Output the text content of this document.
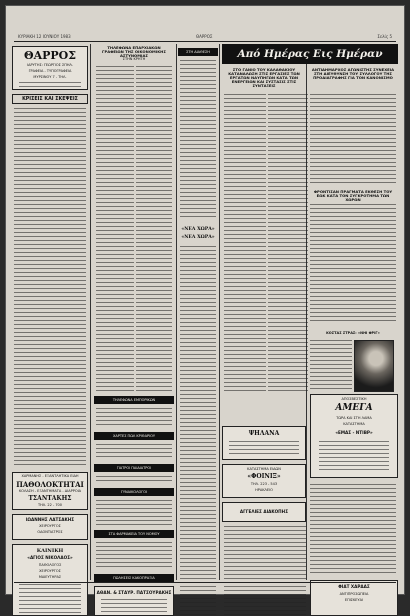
ΚΥΡΙΑΚΗ 12 ΙΟΥΝΙΟΥ 1983	ΘΑΡΡΟΣ	Σελίς 5
ΘΑΡΡΟΣ
ΙΔΡΥΤΗΣ: ΓΕΩΡΓΙΟΣ ΣΠΗΛ.
ΓΡΑΦΕΙΑ - ΤΥΠΟΓΡΑΦΕΙΑ
ΜΥΡΣΙΝΟΥ 7 - ΤΗΛ.
ΚΡΙΣΕΙΣ ΚΑΙ ΣΚΕΨΕΙΣ
ΧΑΡΜΑΝΗΣ - ΕΞΑΝΤΛΗΤΙΚΑ ΕΙΔΗ
ΠΑΘΟΛΟΚΤΗΤΑΙ
ΚΟΛΑΣΗ - ΕΞΑΝΤΗΜΑΤΑ - ΔΙΑΡΡΟΙΑ
ΤΣΑΝΤΑΚΗΣ
ΤΗΛ. 22 - 700
ΙΩΑΝΝΗΣ ΛΑΤΣΑΚΗΣ
ΧΕΙΡΟΥΡΓΟΣ
ΟΔΟΝΤΙΑΤΡΟΣ
ΚΛΙΝΙΚΗ
«ΑΓΙΟΣ ΝΙΚΟΛΑΟΣ»
ΠΑΘΟΛΟΓΟΣ
ΧΕΙΡΟΥΡΓΟΣ
ΜΑΙΕΥΤΗΡΑΣ
ΤΗΛΕΦΩΝΑ ΕΠΑΡΧΙΑΚΩΝ ΓΡΑΦΕΙΩΝ ΤΗΣ ΟΙΚΟΝΟΜΙΚΗΣ ΑΣΤΥΝΟΜΙΑΣ
ΣΤΗΝ ΚΡΗΤΗ
ΤΗΛΕΦΩΝΑ ΕΜΠΟΡΙΚΩΝ
ΧΑΡΤΕΣ ΠΩΛ ΚΡΙΘΑΡΙΟΥ
ΓΙΑΤΡΟΙ ΠΑΙΔΙΑΤΡΟΙ
ΓΥΝΑΙΚΟΛΟΓΟΙ
ΣΤΑ ΦΑΡΜΑΚΕΙΑ ΤΟΥ ΝΟΜΟΥ
ΠΩΛΗΣΕΙΣ ΚΑΚΟΠΡΑΞΙΑ
ΑΘΑΝ. & ΣΤΑΥΡ. ΠΑΤΣΟΥΡΑΚΗΣ
ΣΤΗ ΔΙΑΘΕΣΗ
«ΝΕΑ ΧΩΡΑ»
«ΝΕΑ ΧΩΡΑ»
Από Ημέρας Εις Ημέραν
ΣΤΟ ΓΑΝΙΟ ΤΟΥ ΚΑΛΑΘΑΚΙΟΥ ΚΑΤΑΝΑΛΩΣΗ ΣΤΙΣ ΕΡΓΑΣΙΕΣ ΤΩΝ ΕΡΓΑΤΩΝ ΝΑΥΠΗΓΩΝ ΚΑΤΑ ΤΩΝ ΕΝΕΡΓΕΙΩΝ ΚΑΙ ΣΥΣΤΑΣΙΣ ΣΤΙΣ ΣΥΝΤΑΞΕΙΣ
ΑΝΤΙΔΗΜΑΡΧΟΣ ΑΓΩΝΙΣΤΗΣ ΣΥΝΕΧΕΙΑ ΣΤΗ ΔΙΕΥΘΥΝΣΗ ΤΟΥ ΣΥΛΛΟΓΟΥ ΤΗΣ ΠΡΟΔΙΑΓΡΑΦΗΣ ΓΙΑ ΤΟΝ ΚΑΝΟΝΙΣΜΟ
ΦΡΟΝΤΙΣΑΝ ΠΡΑΓΜΑΤΑ ΕΚΘΕΣΗ ΤΟΥ ΕΩΚ ΚΑΤΑ ΤΟΝ ΣΥΓΚΡΟΤΗΜΑ ΤΩΝ ΧΩΡΩΝ
ΚΟΣΤΑΣ ΣΤΡΑΣ: «ΝΗΙ ΦΡΙΓ»
ΨΗΛΑΝΑ
ΚΑΤΑΣΤΗΜΑ ΕΙΔΩΝ
«ΦΟΙΝΙΞ»
ΤΗΛ. 223 - 543
ΗΡΑΚΛΕΙΟ
ΑΓΓΕΛΙΕΣ ΔΙΑΚΟΠΗΣ
ΑΠΟΣΒΕΣΤΙΚΗ
ΑΜΕΓΑ
ΤΩΡΑ ΚΑΙ ΣΤΗ ΛΑΜΑ
ΚΑΤΑΣΤΗΜΑ
«ΕΜΑΣ - ΝΤΙΒΡ»
ΦΙΑΤ ΧΑΡΔΑΣ
ΑΝΤΙΠΡΟΣΩΠΕΙΑ
ΕΠΙΣΚΕΥΑΙ
